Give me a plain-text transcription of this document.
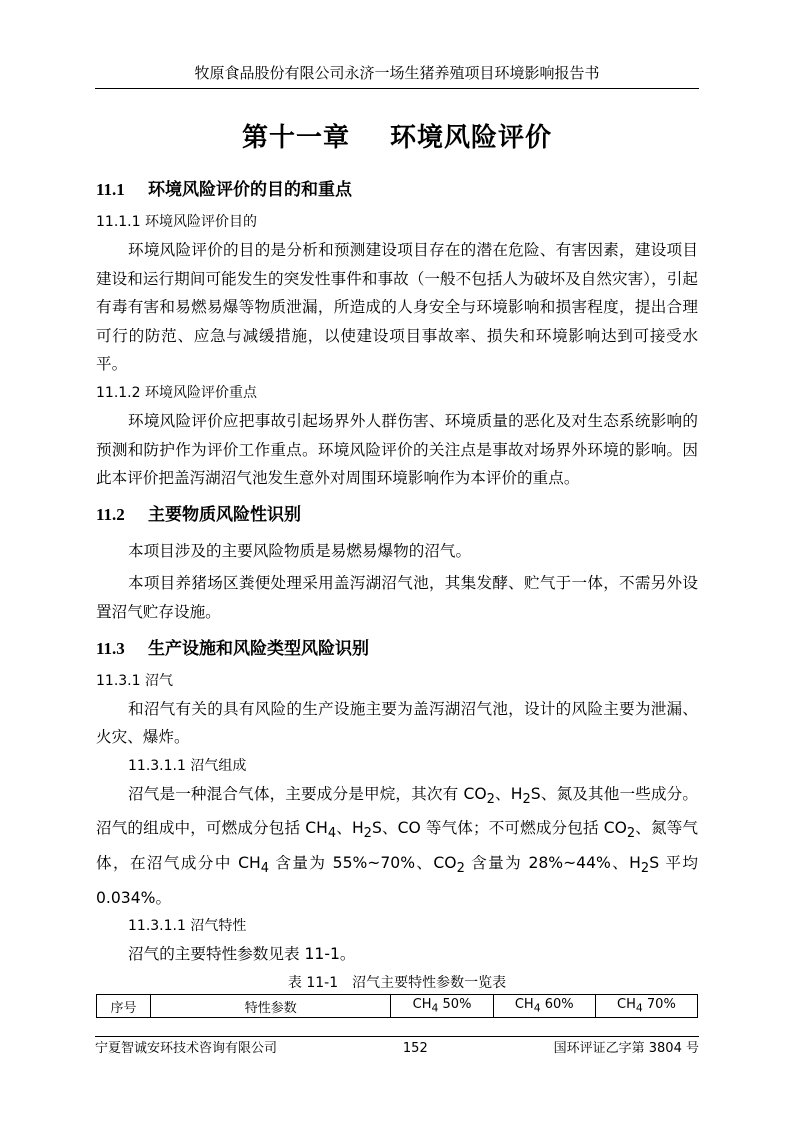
牧原食品股份有限公司永济一场生猪养殖项目环境影响报告书
第十一章 环境风险评价
11.1 环境风险评价的目的和重点
11.1.1 环境风险评价目的
环境风险评价的目的是分析和预测建设项目存在的潜在危险、有害因素，建设项目建设和运行期间可能发生的突发性事件和事故（一般不包括人为破坏及自然灾害），引起有毒有害和易燃易爆等物质泄漏，所造成的人身安全与环境影响和损害程度，提出合理可行的防范、应急与减缓措施，以使建设项目事故率、损失和环境影响达到可接受水平。
11.1.2 环境风险评价重点
环境风险评价应把事故引起场界外人群伤害、环境质量的恶化及对生态系统影响的预测和防护作为评价工作重点。环境风险评价的关注点是事故对场界外环境的影响。因此本评价把盖泻湖沼气池发生意外对周围环境影响作为本评价的重点。
11.2 主要物质风险性识别
本项目涉及的主要风险物质是易燃易爆物的沼气。
本项目养猪场区粪便处理采用盖泻湖沼气池，其集发酵、贮气于一体，不需另外设置沼气贮存设施。
11.3 生产设施和风险类型风险识别
11.3.1 沼气
和沼气有关的具有风险的生产设施主要为盖泻湖沼气池，设计的风险主要为泄漏、火灾、爆炸。
11.3.1.1 沼气组成
沼气是一种混合气体，主要成分是甲烷，其次有 $CO_2$、$H_2S$、氮及其他一些成分。沼气的组成中，可燃成分包括 $CH_4$、$H_2S$、CO 等气体；不可燃成分包括 $CO_2$、氮等气体，在沼气成分中 $CH_4$ 含量为 55%~70%、$CO_2$ 含量为 28%~44%、$H_2S$ 平均 0.034%。
11.3.1.1 沼气特性
沼气的主要特性参数见表 11-1。
表 11-1　沼气主要特性参数一览表
序号	特性参数	$CH_4$ 50%	$CH_4$ 60%	$CH_4$ 70%
宁夏智诚安环技术咨询有限公司	152	国环评证乙字第 3804 号
